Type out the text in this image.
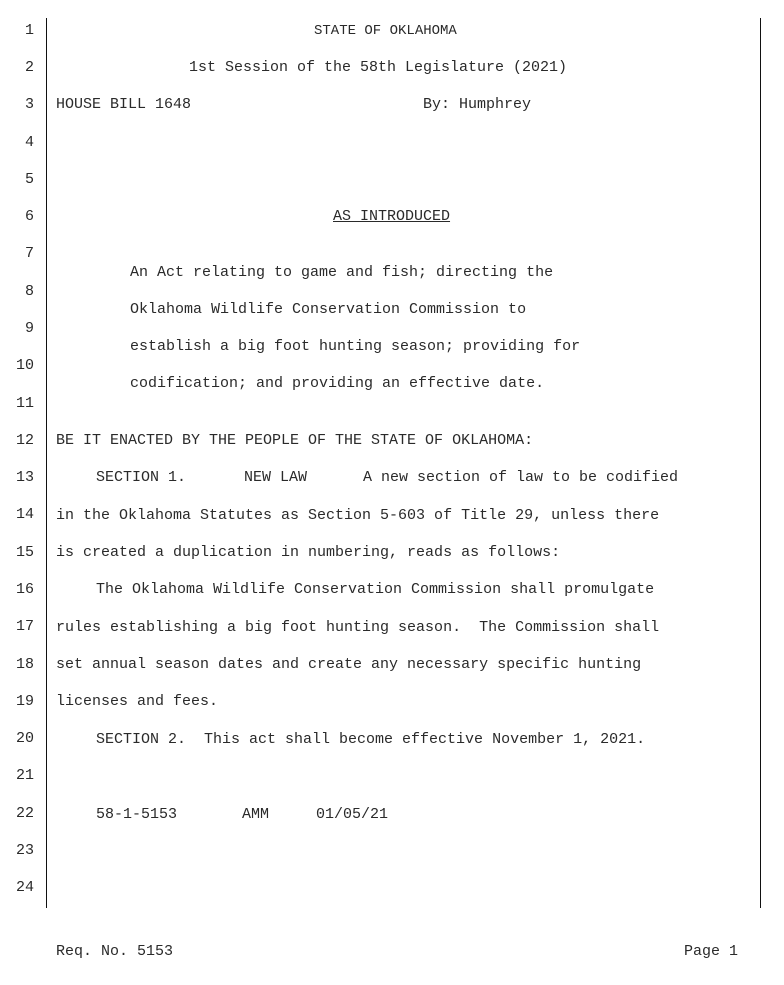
1
2
3
4
5
6
7
8
9
10
11
12
13
14
15
16
17
18
19
20
21
22
23
24
STATE OF OKLAHOMA
1st Session of the 58th Legislature (2021)
HOUSE BILL 1648	By: Humphrey
AS INTRODUCED

An Act relating to game and fish; directing the

Oklahoma Wildlife Conservation Commission to

establish a big foot hunting season; providing for

codification; and providing an effective date.

BE IT ENACTED BY THE PEOPLE OF THE STATE OF OKLAHOMA:
SECTION 1.	NEW LAW	A new section of law to be codified
in the Oklahoma Statutes as Section 5-603 of Title 29, unless there
is created a duplication in numbering, reads as follows:
The Oklahoma Wildlife Conservation Commission shall promulgate
rules establishing a big foot hunting season.  The Commission shall
set annual season dates and create any necessary specific hunting
licenses and fees.
SECTION 2.  This act shall become effective November 1, 2021.
58-1-5153	AMM	01/05/21
Req. No. 5153	Page 1
